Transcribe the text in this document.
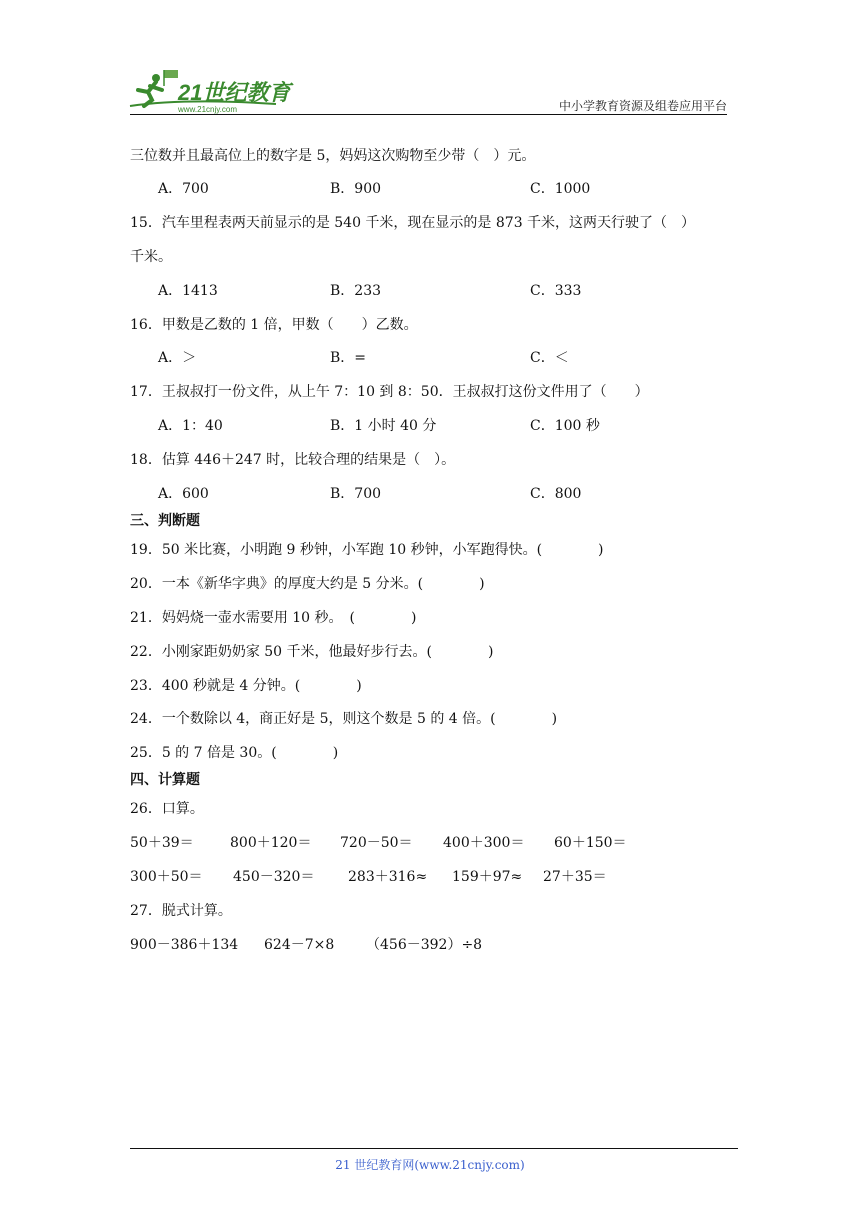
21世纪教育
www.21cnjy.com	中小学教育资源及组卷应用平台
三位数并且最高位上的数字是 5，妈妈这次购物至少带（　）元。
A．700	B．900	C．1000
15．汽车里程表两天前显示的是 540 千米，现在显示的是 873 千米，这两天行驶了（　）
千米。
A．1413	B．233	C．333
16．甲数是乙数的 1 倍，甲数（　　）乙数。
A．＞	B．=	C．＜
17．王叔叔打一份文件，从上午 7：10 到 8：50．王叔叔打这份文件用了（　　）
A．1：40	B．1 小时 40 分	C．100 秒
18．估算 446＋247 时，比较合理的结果是（　）。
A．600	B．700	C．800
三、判断题
19．50 米比赛，小明跑 9 秒钟，小军跑 10 秒钟，小军跑得快。(　　　　)
20．一本《新华字典》的厚度大约是 5 分米。(　　　　)
21．妈妈烧一壶水需要用 10 秒。　(　　　　)
22．小刚家距奶奶家 50 千米，他最好步行去。(　　　　)
23．400 秒就是 4 分钟。(　　　　)
24．一个数除以 4，商正好是 5，则这个数是 5 的 4 倍。(　　　　)
25．5 的 7 倍是 30。(　　　　)
四、计算题
26．口算。
50＋39＝	800＋120＝ 720－50＝ 400＋300＝ 60＋150＝
300＋50＝ 450－320＝ 283＋316≈ 159＋97≈ 27＋35＝
27．脱式计算。
900－386＋134 624－7×8 （456－392）÷8
21 世纪教育网(www.21cnjy.com)
